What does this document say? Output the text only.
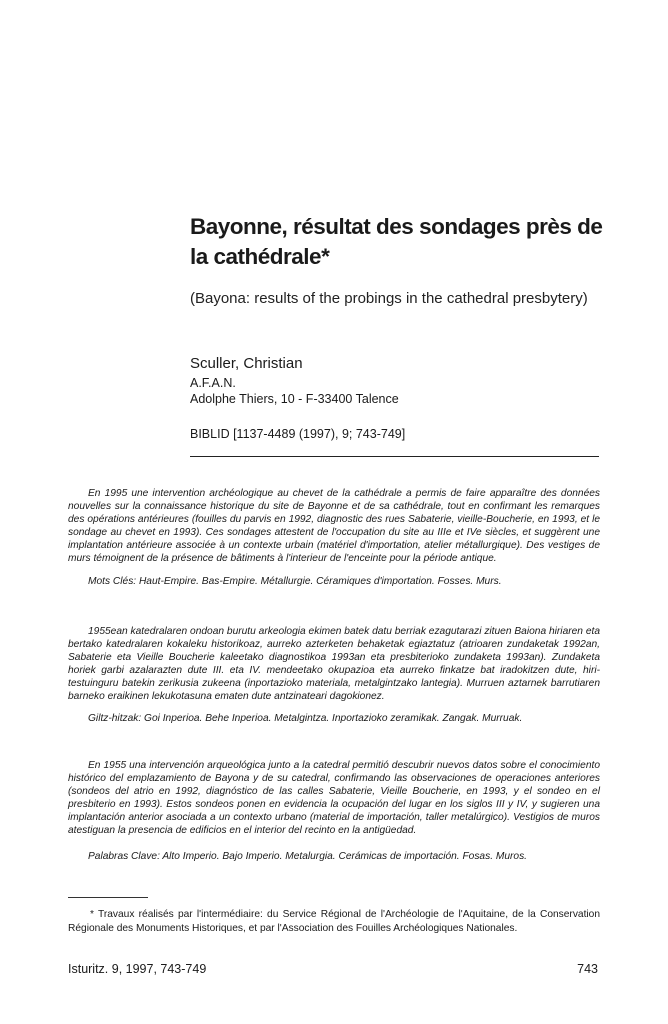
Bayonne, résultat des sondages près de la cathédrale*
(Bayona: results of the probings in the cathedral presbytery)
Sculler, Christian
A.F.A.N.
Adolphe Thiers, 10 - F-33400 Talence
BIBLID [1137-4489 (1997), 9; 743-749]

En 1995 une intervention archéologique au chevet de la cathédrale a permis de faire apparaître des données nouvelles sur la connaissance historique du site de Bayonne et de sa cathédrale, tout en confirmant les remarques des opérations antérieures (fouilles du parvis en 1992, diagnostic des rues Sabaterie, vieille-Boucherie, en 1993, et le sondage au chevet en 1993). Ces sondages attestent de l'occupation du site au IIIe et IVe siècles, et suggèrent une implantation antérieure associée à un contexte urbain (matériel d'importation, atelier métallurgique). Des vestiges de murs témoignent de la présence de bâtiments à l'interieur de l'enceinte pour la période antique.

Mots Clés: Haut-Empire. Bas-Empire. Métallurgie. Céramiques d'importation. Fosses. Murs.

1955ean katedralaren ondoan burutu arkeologia ekimen batek datu berriak ezagutarazi zituen Baiona hiriaren eta bertako katedralaren kokaleku historikoaz, aurreko azterketen behaketak egiaztatuz (atrioaren zundaketak 1992an, Sabaterie eta Vieille Boucherie kaleetako diagnostikoa 1993an eta presbiterioko zundaketa 1993an). Zundaketa horiek garbi azalarazten dute III. eta IV. mendeetako okupazioa eta aurreko finkatze bat iradokitzen dute, hiri-testuinguru batekin zerikusia zukeena (inportazioko materiala, metalgintzako lantegia). Murruen aztarnek barrutiaren barneko eraikinen lekukotasuna ematen dute antzinateari dagokionez.

Giltz-hitzak: Goi Inperioa. Behe Inperioa. Metalgintza. Inportazioko zeramikak. Zangak. Murruak.

En 1955 una intervención arqueológica junto a la catedral permitió descubrir nuevos datos sobre el conocimiento histórico del emplazamiento de Bayona y de su catedral, confirmando las observaciones de operaciones anteriores (sondeos del atrio en 1992, diagnóstico de las calles Sabaterie, Vieille Boucherie, en 1993, y el sondeo en el presbiterio en 1993). Estos sondeos ponen en evidencia la ocupación del lugar en los siglos III y IV, y sugieren una implantación anterior asociada a un contexto urbano (material de importación, taller metalúrgico). Vestigios de muros atestiguan la presencia de edificios en el interior del recinto en la antigüedad.

Palabras Clave: Alto Imperio. Bajo Imperio. Metalurgia. Cerámicas de importación. Fosas. Muros.
* Travaux réalisés par l'intermédiaire: du Service Régional de l'Archéologie de l'Aquitaine, de la Conservation Régionale des Monuments Historiques, et par l'Association des Fouilles Archéologiques Nationales.
Isturitz. 9, 1997, 743-749	743
